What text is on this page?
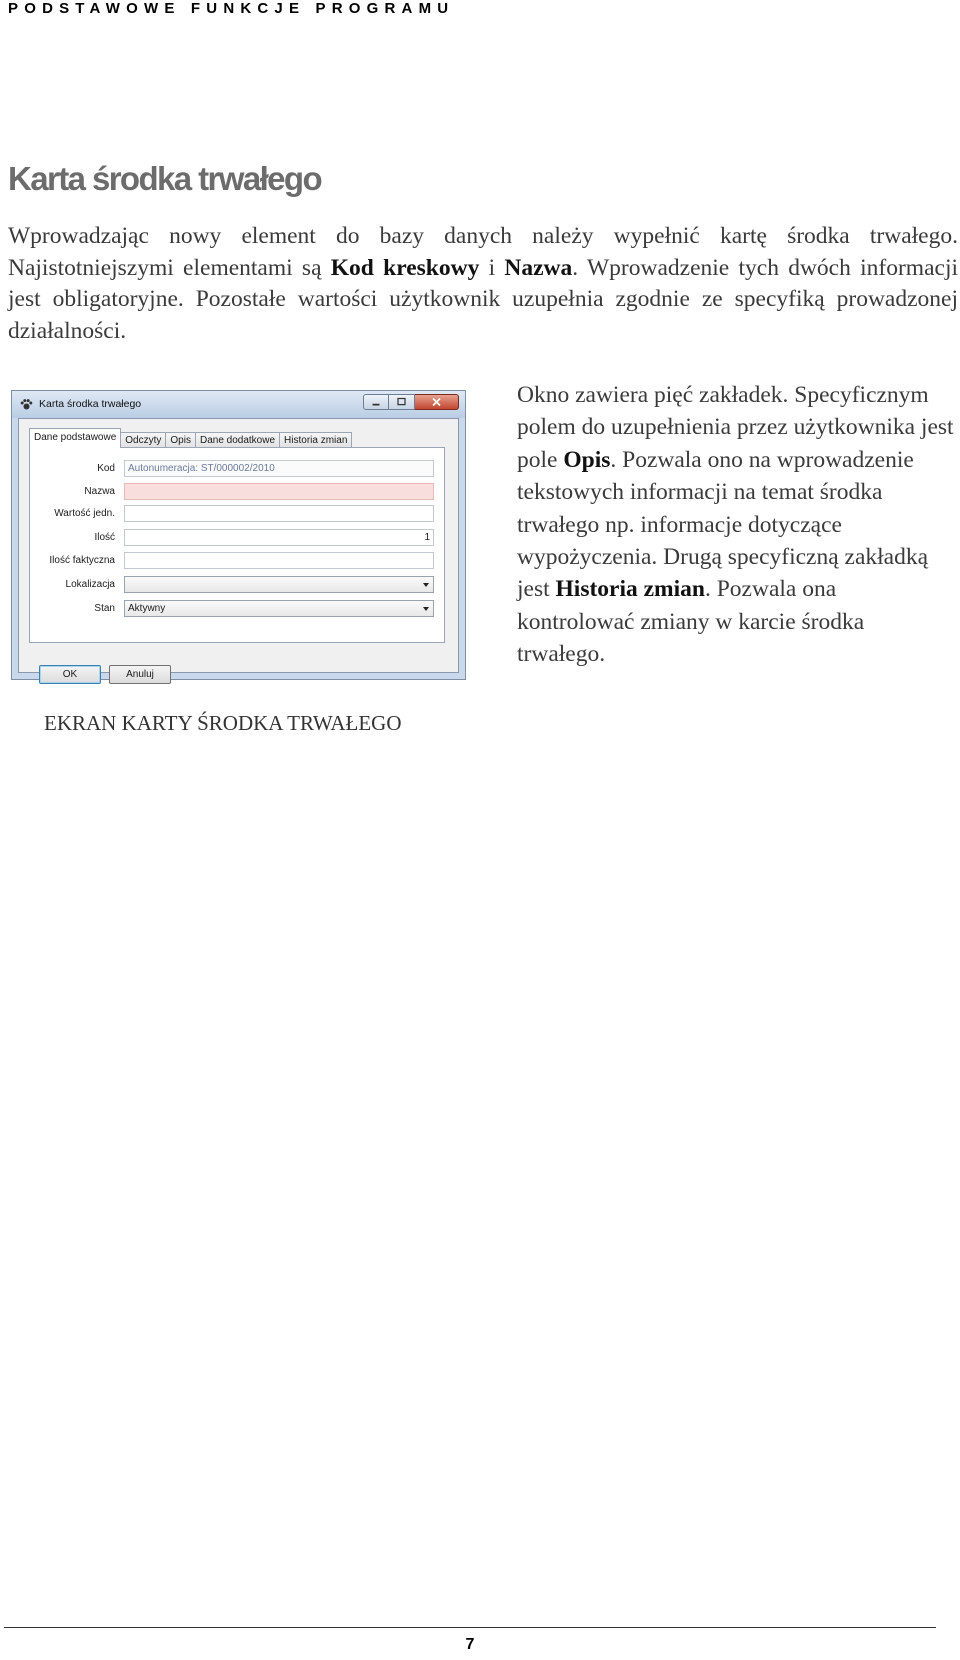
PODSTAWOWE FUNKCJE PROGRAMU
Karta środka trwałego

Wprowadzając nowy element do bazy danych należy wypełnić kartę środka trwałego. Najistotniejszymi elementami są Kod kreskowy i Nazwa. Wprowadzenie tych dwóch informacji jest obligatoryjne. Pozostałe wartości użytkownik uzupełnia zgodnie ze specyfiką prowadzonej działalności.

Karta środka trwałego
Dane podstawowe Odczyty Opis Dane dodatkowe Historia zmian
Kod	Autonumeracja: ST/000002/2010
Nazwa
Wartość jedn.
Ilość	1
Ilość faktyczna
Lokalizacja
Stan	Aktywny
OK	Anuluj
EKRAN KARTY ŚRODKA TRWAŁEGO

Okno zawiera pięć zakładek. Specyficznym polem do uzupełnienia przez użytkownika jest pole Opis. Pozwala ono na wprowadzenie tekstowych informacji na temat środka trwałego np. informacje dotyczące wypożyczenia. Drugą specyficzną zakładką jest Historia zmian. Pozwala ona kontrolować zmiany w karcie środka trwałego.

7
